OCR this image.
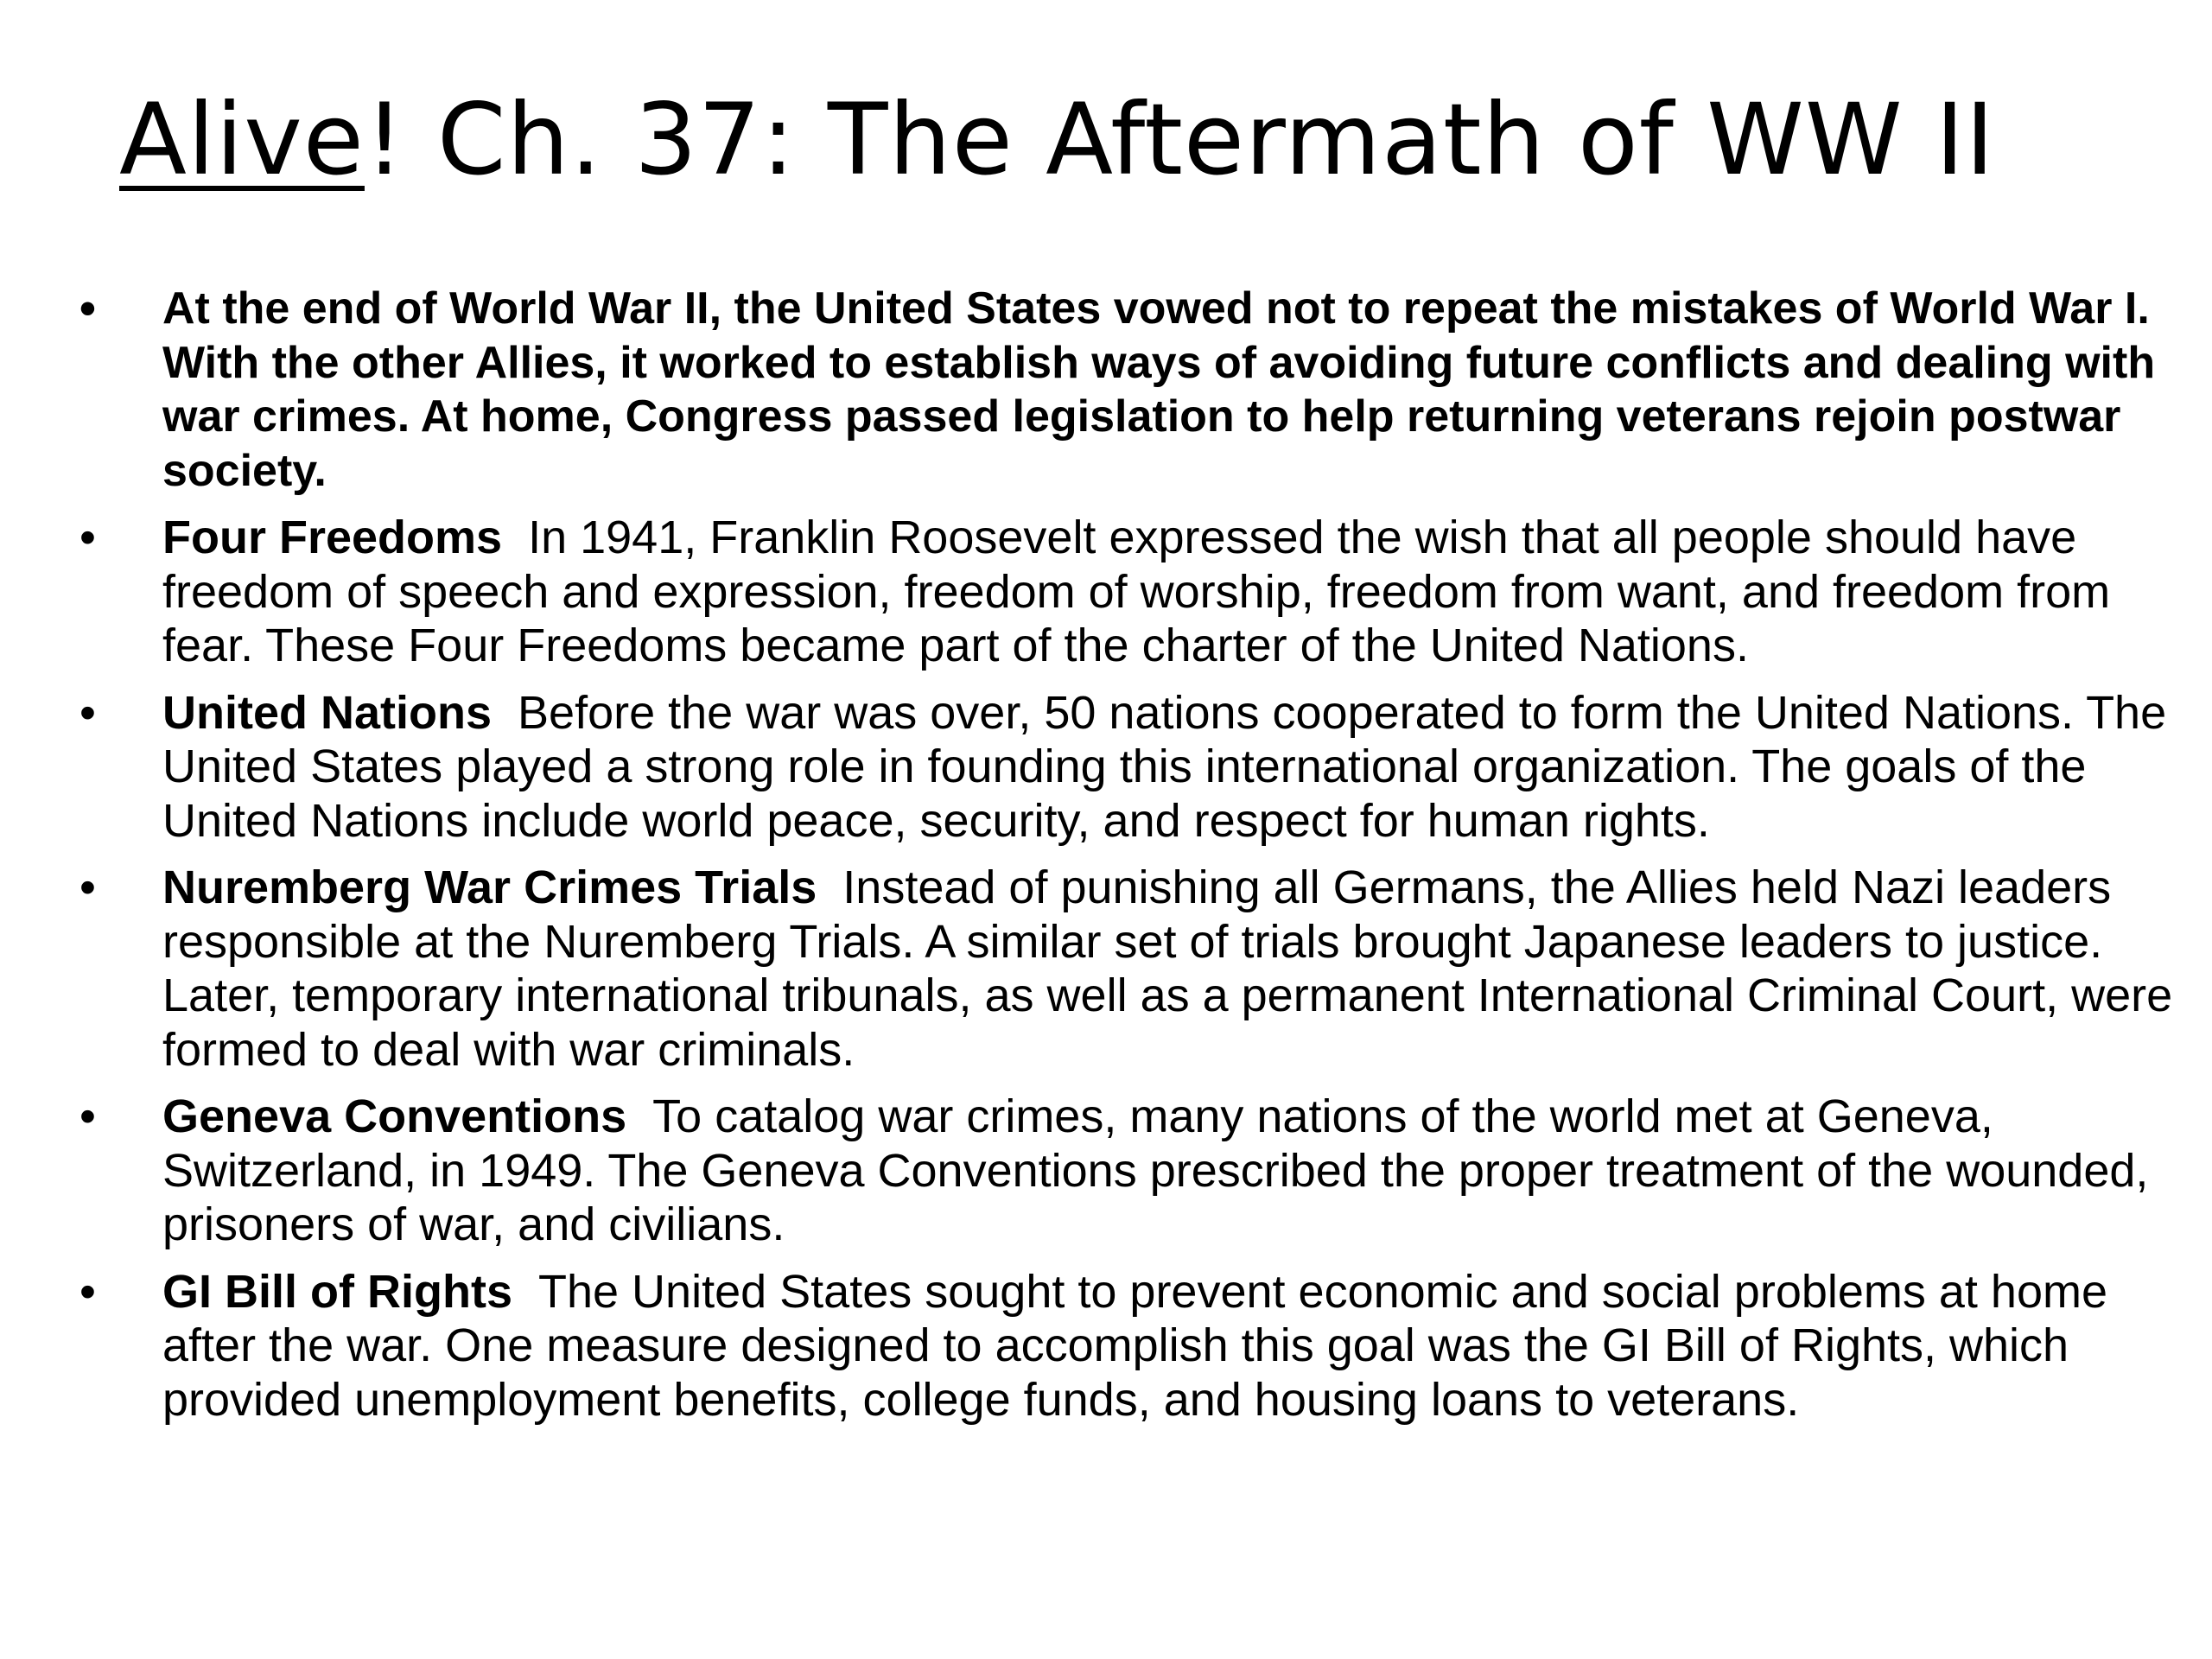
Alive! Ch. 37: The Aftermath of WW II
• At the end of World War II, the United States vowed not to repeat the mistakes of World War I. With the other Allies, it worked to establish ways of avoiding future conflicts and dealing with war crimes. At home, Congress passed legislation to help returning veterans rejoin postwar society.
• Four Freedoms In 1941, Franklin Roosevelt expressed the wish that all people should have freedom of speech and expression, freedom of worship, freedom from want, and freedom from fear. These Four Freedoms became part of the charter of the United Nations.
• United Nations Before the war was over, 50 nations cooperated to form the United Nations. The United States played a strong role in founding this international organization. The goals of the United Nations include world peace, security, and respect for human rights.
• Nuremberg War Crimes Trials Instead of punishing all Germans, the Allies held Nazi leaders responsible at the Nuremberg Trials. A similar set of trials brought Japanese leaders to justice. Later, temporary international tribunals, as well as a permanent International Criminal Court, were formed to deal with war criminals.
• Geneva Conventions To catalog war crimes, many nations of the world met at Geneva, Switzerland, in 1949. The Geneva Conventions prescribed the proper treatment of the wounded, prisoners of war, and civilians.
• GI Bill of Rights The United States sought to prevent economic and social problems at home after the war. One measure designed to accomplish this goal was the GI Bill of Rights, which provided unemployment benefits, college funds, and housing loans to veterans.
